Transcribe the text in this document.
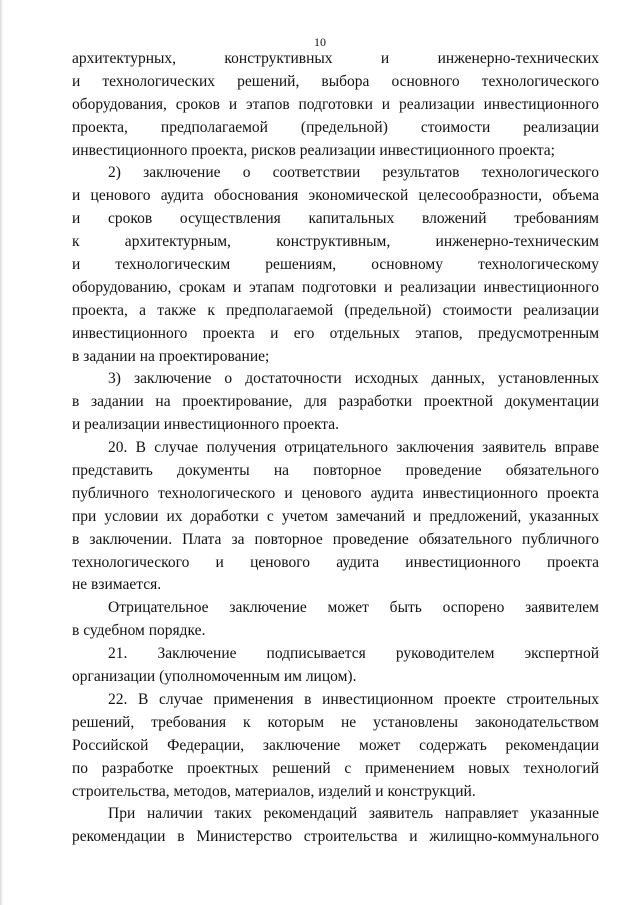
10
архитектурных, конструктивных и инженерно-технических
и технологических решений, выбора основного технологического
оборудования, сроков и этапов подготовки и реализации инвестиционного
проекта, предполагаемой (предельной) стоимости реализации
инвестиционного проекта, рисков реализации инвестиционного проекта;
2) заключение о соответствии результатов технологического
и ценового аудита обоснования экономической целесообразности, объема
и сроков осуществления капитальных вложений требованиям
к архитектурным, конструктивным, инженерно-техническим
и технологическим решениям, основному технологическому
оборудованию, срокам и этапам подготовки и реализации инвестиционного
проекта, а также к предполагаемой (предельной) стоимости реализации
инвестиционного проекта и его отдельных этапов, предусмотренным
в задании на проектирование;
3) заключение о достаточности исходных данных, установленных
в задании на проектирование, для разработки проектной документации
и реализации инвестиционного проекта.
20. В случае получения отрицательного заключения заявитель вправе
представить документы на повторное проведение обязательного
публичного технологического и ценового аудита инвестиционного проекта
при условии их доработки с учетом замечаний и предложений, указанных
в заключении. Плата за повторное проведение обязательного публичного
технологического и ценового аудита инвестиционного проекта
не взимается.
Отрицательное заключение может быть оспорено заявителем
в судебном порядке.
21. Заключение подписывается руководителем экспертной
организации (уполномоченным им лицом).
22. В случае применения в инвестиционном проекте строительных
решений, требования к которым не установлены законодательством
Российской Федерации, заключение может содержать рекомендации
по разработке проектных решений с применением новых технологий
строительства, методов, материалов, изделий и конструкций.
При наличии таких рекомендаций заявитель направляет указанные
рекомендации в Министерство строительства и жилищно-коммунального
